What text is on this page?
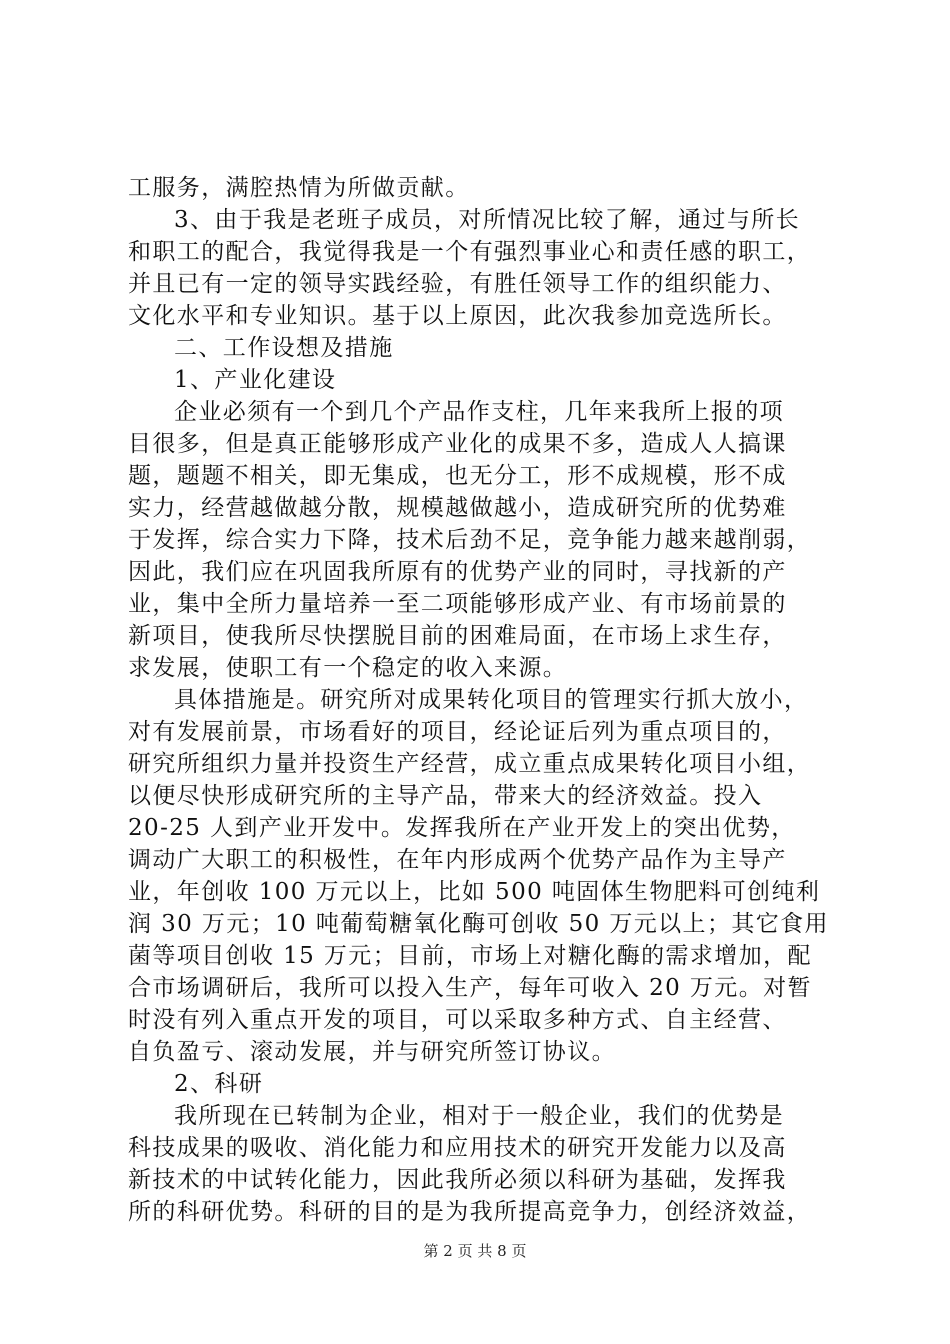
工服务，满腔热情为所做贡献。
3、由于我是老班子成员，对所情况比较了解，通过与所长
和职工的配合，我觉得我是一个有强烈事业心和责任感的职工，
并且已有一定的领导实践经验，有胜任领导工作的组织能力、
文化水平和专业知识。基于以上原因，此次我参加竞选所长。
二、工作设想及措施
1、产业化建设
企业必须有一个到几个产品作支柱，几年来我所上报的项
目很多，但是真正能够形成产业化的成果不多，造成人人搞课
题，题题不相关，即无集成，也无分工，形不成规模，形不成
实力，经营越做越分散，规模越做越小，造成研究所的优势难
于发挥，综合实力下降，技术后劲不足，竞争能力越来越削弱，
因此，我们应在巩固我所原有的优势产业的同时，寻找新的产
业，集中全所力量培养一至二项能够形成产业、有市场前景的
新项目，使我所尽快摆脱目前的困难局面，在市场上求生存，
求发展，使职工有一个稳定的收入来源。
具体措施是。研究所对成果转化项目的管理实行抓大放小，
对有发展前景，市场看好的项目，经论证后列为重点项目的，
研究所组织力量并投资生产经营，成立重点成果转化项目小组，
以便尽快形成研究所的主导产品，带来大的经济效益。投入
20-25 人到产业开发中。发挥我所在产业开发上的突出优势，
调动广大职工的积极性，在年内形成两个优势产品作为主导产
业，年创收 100 万元以上，比如 500 吨固体生物肥料可创纯利
润 30 万元；10 吨葡萄糖氧化酶可创收 50 万元以上；其它食用
菌等项目创收 15 万元；目前，市场上对糖化酶的需求增加，配
合市场调研后，我所可以投入生产，每年可收入 20 万元。对暂
时没有列入重点开发的项目，可以采取多种方式、自主经营、
自负盈亏、滚动发展，并与研究所签订协议。
2、科研
我所现在已转制为企业，相对于一般企业，我们的优势是
科技成果的吸收、消化能力和应用技术的研究开发能力以及高
新技术的中试转化能力，因此我所必须以科研为基础，发挥我
所的科研优势。科研的目的是为我所提高竞争力，创经济效益，
第 2 页 共 8 页
